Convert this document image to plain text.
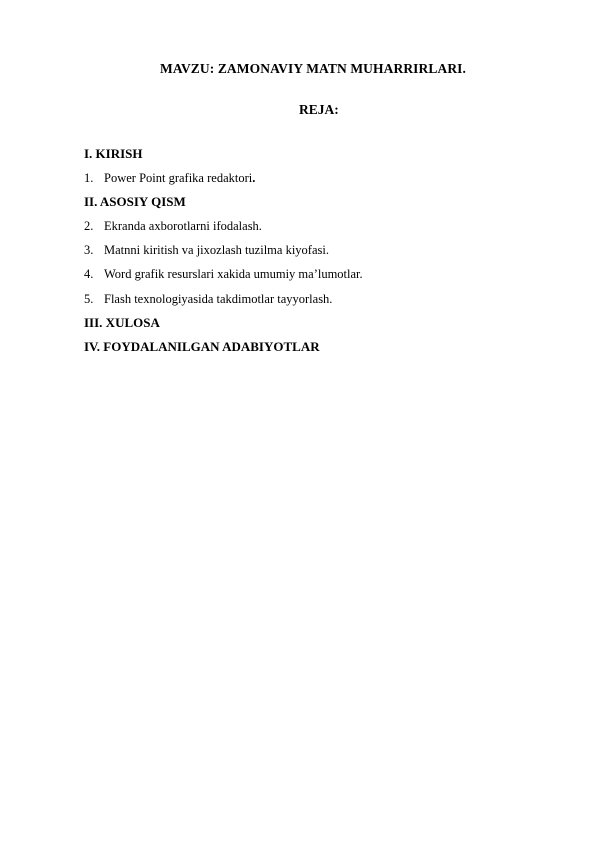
MAVZU: ZAMONAVIY MATN MUHARRIRLARI.
REJA:
I. KIRISH
1. Power Point grafika redaktori.
II. ASOSIY QISM
2. Ekranda axborotlarni ifodalash.
3. Matnni kiritish va jixozlash tuzilma kiyofasi.
4. Word grafik resurslari xakida umumiy ma’lumotlar.
5. Flash texnologiyasida takdimotlar tayyorlash.
III. XULOSA
IV. FOYDALANILGAN ADABIYOTLAR
